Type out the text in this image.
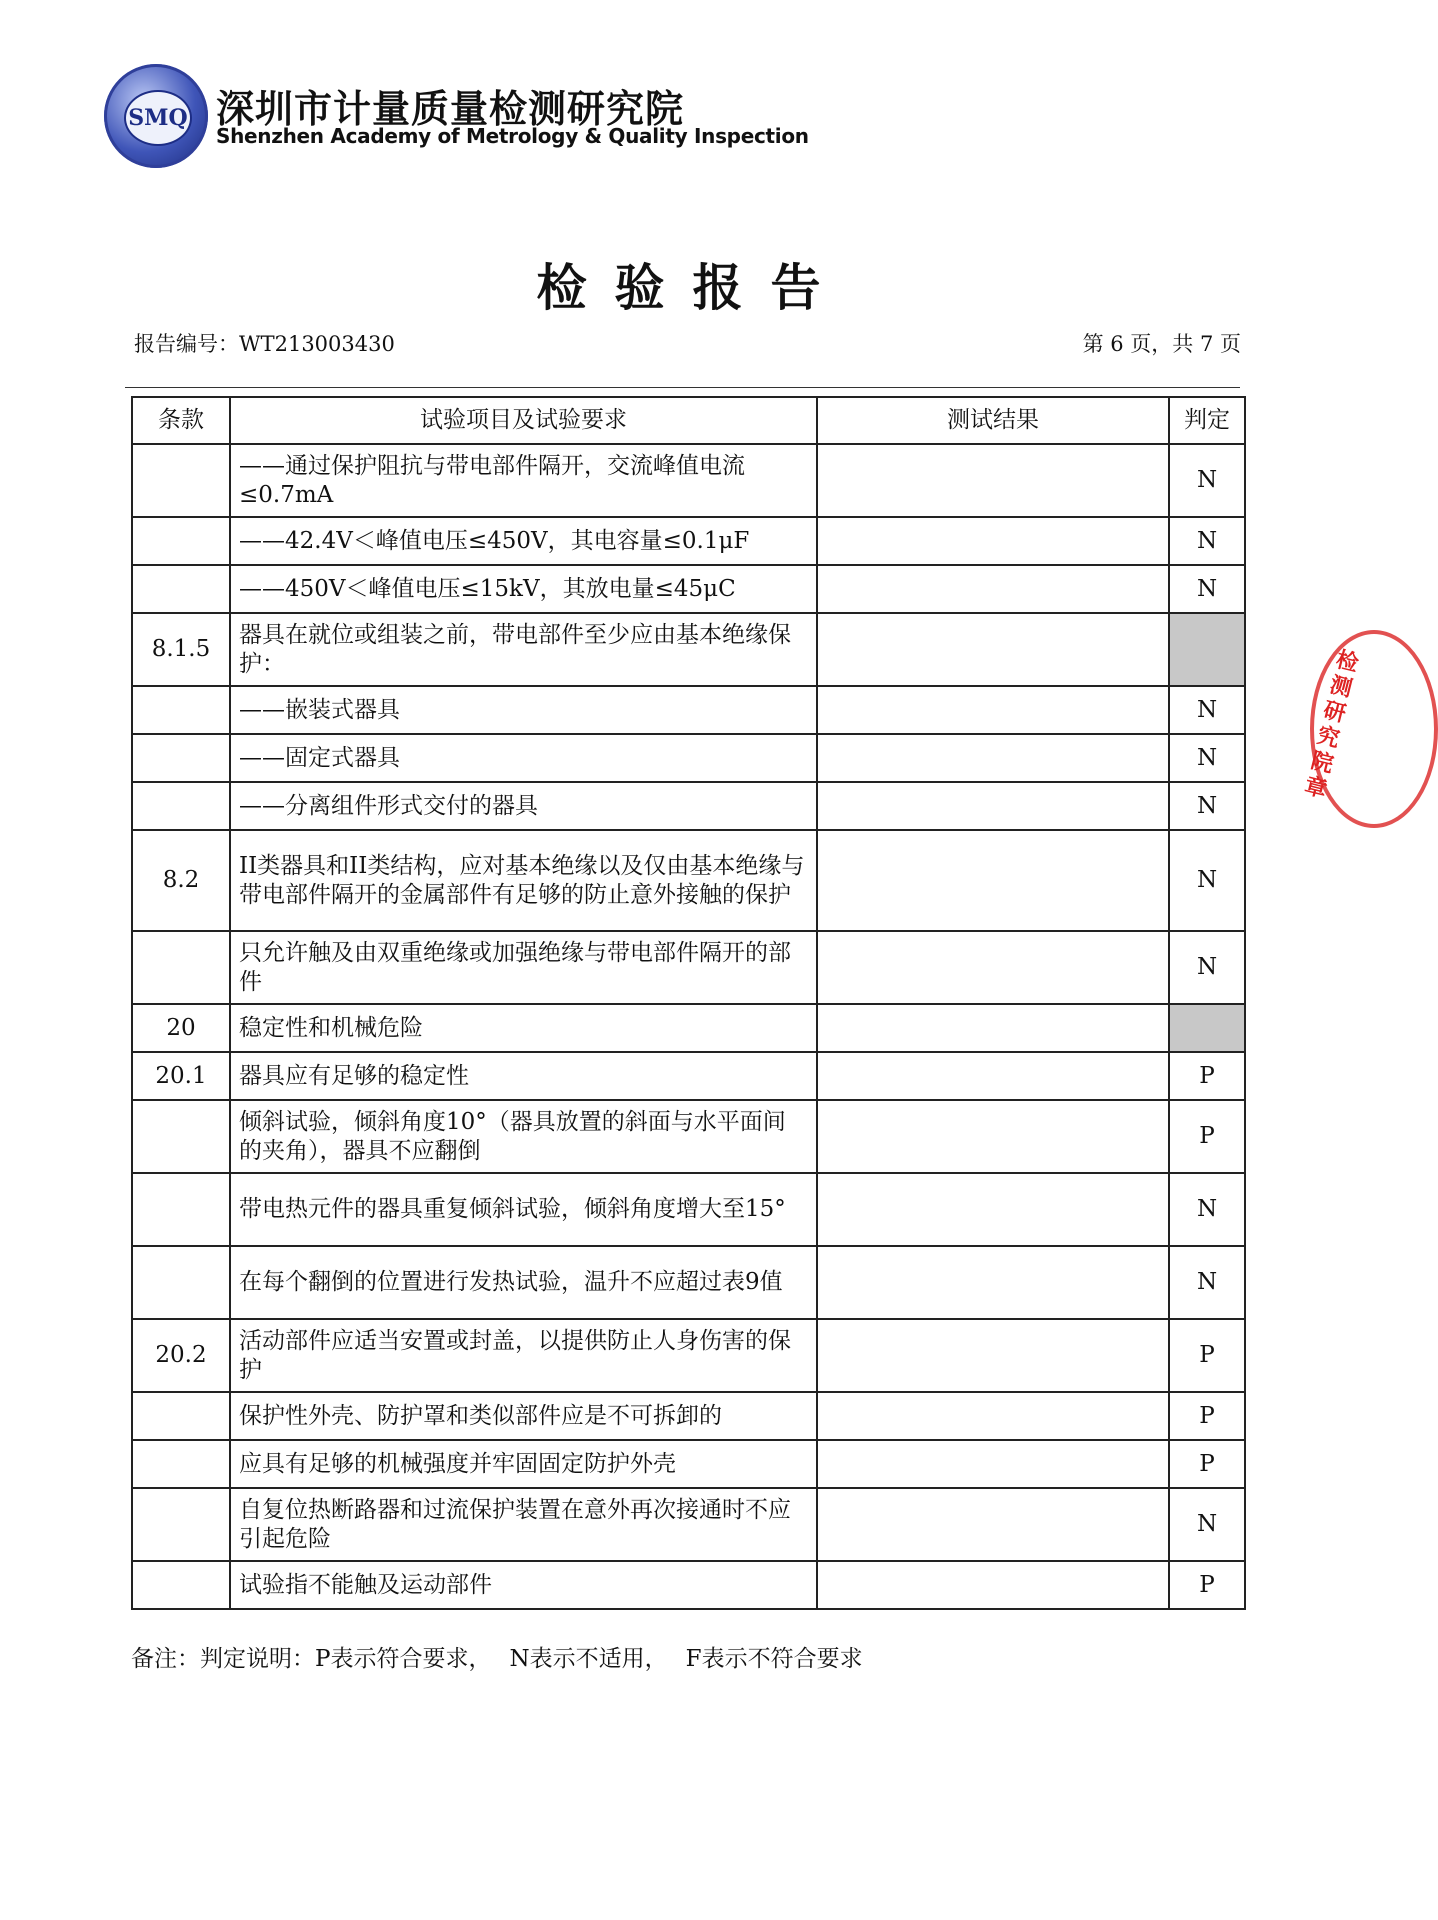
SMQ 深圳市计量质量检测研究院
Shenzhen Academy of Metrology & Quality Inspection
检验报告
报告编号：WT213003430	第 6 页，共 7 页
条款	试验项目及试验要求	测试结果	判定
	——通过保护阻抗与带电部件隔开，交流峰值电流≤0.7mA		N
	——42.4V＜峰值电压≤450V，其电容量≤0.1μF		N
	——450V＜峰值电压≤15kV，其放电量≤45μC		N
8.1.5	器具在就位或组装之前，带电部件至少应由基本绝缘保护：		
	——嵌装式器具		N
	——固定式器具		N
	——分离组件形式交付的器具		N
8.2	II类器具和II类结构，应对基本绝缘以及仅由基本绝缘与带电部件隔开的金属部件有足够的防止意外接触的保护		N
	只允许触及由双重绝缘或加强绝缘与带电部件隔开的部件		N
20	稳定性和机械危险		
20.1	器具应有足够的稳定性		P
	倾斜试验，倾斜角度10°（器具放置的斜面与水平面间的夹角），器具不应翻倒		P
	带电热元件的器具重复倾斜试验，倾斜角度增大至15°		N
	在每个翻倒的位置进行发热试验，温升不应超过表9值		N
20.2	活动部件应适当安置或封盖，以提供防止人身伤害的保护		P
	保护性外壳、防护罩和类似部件应是不可拆卸的		P
	应具有足够的机械强度并牢固固定防护外壳		P
	自复位热断路器和过流保护装置在意外再次接通时不应引起危险		N
	试验指不能触及运动部件		P
备注：判定说明：P表示符合要求， N表示不适用， F表示不符合要求
检测研究院章
